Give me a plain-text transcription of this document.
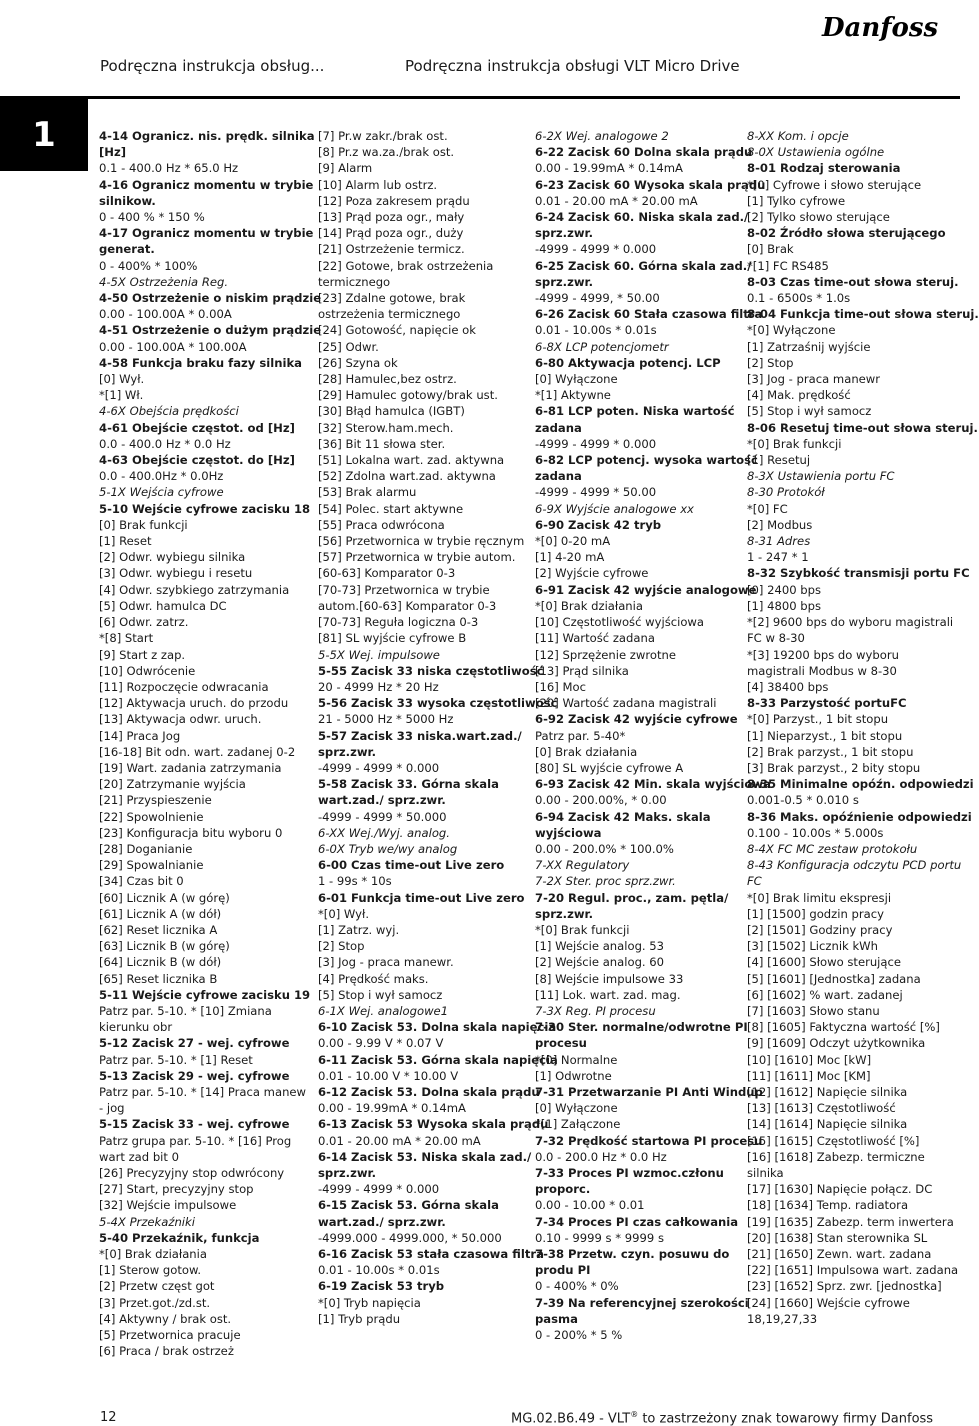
Podręczna instrukcja obsług...	Podręczna instrukcja obsługi VLT Micro Drive
Danfoss
1	4-14 Ogranicz. nis. prędk. silnika
[Hz]
0.1 - 400.0 Hz * 65.0 Hz
4-16 Ogranicz momentu w trybie
silnikow.
0 - 400 % * 150 %
4-17 Ogranicz momentu w trybie
generat.
0 - 400% * 100%
4-5X Ostrzeżenia Reg.
4-50 Ostrzeżenie o niskim prądzie
0.00 - 100.00A * 0.00A
4-51 Ostrzeżenie o dużym prądzie
0.00 - 100.00A * 100.00A
4-58 Funkcja braku fazy silnika
[0] Wył.
*[1] Wł.
4-6X Obejścia prędkości
4-61 Obejście częstot. od [Hz]
0.0 - 400.0 Hz * 0.0 Hz
4-63 Obejście częstot. do [Hz]
0.0 - 400.0Hz * 0.0Hz
5-1X Wejścia cyfrowe
5-10 Wejście cyfrowe zacisku 18
[0] Brak funkcji
[1] Reset
[2] Odwr. wybiegu silnika
[3] Odwr. wybiegu i resetu
[4] Odwr. szybkiego zatrzymania
[5] Odwr. hamulca DC
[6] Odwr. zatrz.
*[8] Start
[9] Start z zap.
[10] Odwrócenie
[11] Rozpoczęcie odwracania
[12] Aktywacja uruch. do przodu
[13] Aktywacja odwr. uruch.
[14] Praca Jog
[16-18] Bit odn. wart. zadanej 0-2
[19] Wart. zadania zatrzymania
[20] Zatrzymanie wyjścia
[21] Przyspieszenie
[22] Spowolnienie
[23] Konfiguracja bitu wyboru 0
[28] Doganianie
[29] Spowalnianie
[34] Czas bit 0
[60] Licznik A (w górę)
[61] Licznik A (w dół)
[62] Reset licznika A
[63] Licznik B (w górę)
[64] Licznik B (w dół)
[65] Reset licznika B
5-11 Wejście cyfrowe zacisku 19
Patrz par. 5-10. * [10] Zmiana
kierunku obr
5-12 Zacisk 27 - wej. cyfrowe
Patrz par. 5-10. * [1] Reset
5-13 Zacisk 29 - wej. cyfrowe
Patrz par. 5-10. * [14] Praca manew
- jog
5-15 Zacisk 33 - wej. cyfrowe
Patrz grupa par. 5-10. * [16] Prog
wart zad bit 0
[26] Precyzyjny stop odwrócony
[27] Start, precyzyjny stop
[32] Wejście impulsowe
5-4X Przekaźniki
5-40 Przekaźnik, funkcja
*[0] Brak działania
[1] Sterow gotow.
[2] Przetw częst got
[3] Przet.got./zd.st.
[4] Aktywny / brak ost.
[5] Przetwornica pracuje
[6] Praca / brak ostrzeż
[7] Pr.w zakr./brak ost.
[8] Pr.z wa.za./brak ost.
[9] Alarm
[10] Alarm lub ostrz.
[12] Poza zakresem prądu
[13] Prąd poza ogr., mały
[14] Prąd poza ogr., duży
[21] Ostrzeżenie termicz.
[22] Gotowe, brak ostrzeżenia
termicznego
[23] Zdalne gotowe, brak
ostrzeżenia termicznego
[24] Gotowość, napięcie ok
[25] Odwr.
[26] Szyna ok
[28] Hamulec,bez ostrz.
[29] Hamulec gotowy/brak ust.
[30] Błąd hamulca (IGBT)
[32] Sterow.ham.mech.
[36] Bit 11 słowa ster.
[51] Lokalna wart. zad. aktywna
[52] Zdolna wart.zad. aktywna
[53] Brak alarmu
[54] Polec. start aktywne
[55] Praca odwrócona
[56] Przetwornica w trybie ręcznym
[57] Przetwornica w trybie autom.
[60-63] Komparator 0-3
[70-73] Przetwornica w trybie
autom.[60-63] Komparator 0-3
[70-73] Reguła logiczna 0-3
[81] SL wyjście cyfrowe B
5-5X Wej. impulsowe
5-55 Zacisk 33 niska częstotliwość
20 - 4999 Hz * 20 Hz
5-56 Zacisk 33 wysoka częstotliwość
21 - 5000 Hz * 5000 Hz
5-57 Zacisk 33 niska.wart.zad./
sprz.zwr.
-4999 - 4999 * 0.000
5-58 Zacisk 33. Górna skala
wart.zad./ sprz.zwr.
-4999 - 4999 * 50.000
6-XX Wej./Wyj. analog.
6-0X Tryb we/wy analog
6-00 Czas time-out Live zero
1 - 99s * 10s
6-01 Funkcja time-out Live zero
*[0] Wył.
[1] Zatrz. wyj.
[2] Stop
[3] Jog - praca manewr.
[4] Prędkość maks.
[5] Stop i wył samocz
6-1X Wej. analogowe1
6-10 Zacisk 53. Dolna skala napięcia
0.00 - 9.99 V * 0.07 V
6-11 Zacisk 53. Górna skala napięcia
0.01 - 10.00 V * 10.00 V
6-12 Zacisk 53. Dolna skala prądu
0.00 - 19.99mA * 0.14mA
6-13 Zacisk 53 Wysoka skala prądu
0.01 - 20.00 mA * 20.00 mA
6-14 Zacisk 53. Niska skala zad./
sprz.zwr.
-4999 - 4999 * 0.000
6-15 Zacisk 53. Górna skala
wart.zad./ sprz.zwr.
-4999.000 - 4999.000, * 50.000
6-16 Zacisk 53 stała czasowa filtra
0.01 - 10.00s * 0.01s
6-19 Zacisk 53 tryb
*[0] Tryb napięcia
[1] Tryb prądu
6-2X Wej. analogowe 2
6-22 Zacisk 60 Dolna skala prądu
0.00 - 19.99mA * 0.14mA
6-23 Zacisk 60 Wysoka skala prądu
0.01 - 20.00 mA * 20.00 mA
6-24 Zacisk 60. Niska skala zad./
sprz.zwr.
-4999 - 4999 * 0.000
6-25 Zacisk 60. Górna skala zad./
sprz.zwr.
-4999 - 4999, * 50.00
6-26 Zacisk 60 Stała czasowa filtra
0.01 - 10.00s * 0.01s
6-8X LCP potencjometr
6-80 Aktywacja potencj. LCP
[0] Wyłączone
*[1] Aktywne
6-81 LCP poten. Niska wartość
zadana
-4999 - 4999 * 0.000
6-82 LCP potencj. wysoka wartość
zadana
-4999 - 4999 * 50.00
6-9X Wyjście analogowe xx
6-90 Zacisk 42 tryb
*[0] 0-20 mA
[1] 4-20 mA
[2] Wyjście cyfrowe
6-91 Zacisk 42 wyjście analogowe
*[0] Brak działania
[10] Częstotliwość wyjściowa
[11] Wartość zadana
[12] Sprzężenie zwrotne
[13] Prąd silnika
[16] Moc
[20] Wartość zadana magistrali
6-92 Zacisk 42 wyjście cyfrowe
Patrz par. 5-40*
[0] Brak działania
[80] SL wyjście cyfrowe A
6-93 Zacisk 42 Min. skala wyjściowa
0.00 - 200.00%, * 0.00
6-94 Zacisk 42 Maks. skala
wyjściowa
0.00 - 200.0% * 100.0%
7-XX Regulatory
7-2X Ster. proc sprz.zwr.
7-20 Regul. proc., zam. pętla/
sprz.zwr.
*[0] Brak funkcji
[1] Wejście analog. 53
[2] Wejście analog. 60
[8] Wejście impulsowe 33
[11] Lok. wart. zad. mag.
7-3X Reg. PI procesu
7-30 Ster. normalne/odwrotne PI
procesu
*[0] Normalne
[1] Odwrotne
7-31 Przetwarzanie PI Anti Windup
[0] Wyłączone
*[1] Załączone
7-32 Prędkość startowa PI procesu
0.0 - 200.0 Hz * 0.0 Hz
7-33 Proces PI wzmoc.członu
proporc.
0.00 - 10.00 * 0.01
7-34 Proces PI czas całkowania
0.10 - 9999 s * 9999 s
7-38 Przetw. czyn. posuwu do
produ PI
0 - 400% * 0%
7-39 Na referencyjnej szerokości
pasma
0 - 200% * 5 %
8-XX Kom. i opcje
8-0X Ustawienia ogólne
8-01 Rodzaj sterowania
*[0] Cyfrowe i słowo sterujące
[1] Tylko cyfrowe
[2] Tylko słowo sterujące
8-02 Źródło słowa sterującego
[0] Brak
*[1] FC RS485
8-03 Czas time-out słowa steruj.
0.1 - 6500s * 1.0s
8-04 Funkcja time-out słowa steruj.
*[0] Wyłączone
[1] Zatrzaśnij wyjście
[2] Stop
[3] Jog - praca manewr
[4] Mak. prędkość
[5] Stop i wył samocz
8-06 Resetuj time-out słowa steruj.
*[0] Brak funkcji
[1] Resetuj
8-3X Ustawienia portu FC
8-30 Protokół
*[0] FC
[2] Modbus
8-31 Adres
1 - 247 * 1
8-32 Szybkość transmisji portu FC
[0] 2400 bps
[1] 4800 bps
*[2] 9600 bps do wyboru magistrali
FC w 8-30
*[3] 19200 bps do wyboru
magistrali Modbus w 8-30
[4] 38400 bps
8-33 Parzystość portuFC
*[0] Parzyst., 1 bit stopu
[1] Nieparzyst., 1 bit stopu
[2] Brak parzyst., 1 bit stopu
[3] Brak parzyst., 2 bity stopu
8-35 Minimalne opóźn. odpowiedzi
0.001-0.5 * 0.010 s
8-36 Maks. opóźnienie odpowiedzi
0.100 - 10.00s * 5.000s
8-4X FC MC zestaw protokołu
8-43 Konfiguracja odczytu PCD portu
FC
*[0] Brak limitu ekspresji
[1] [1500] godzin pracy
[2] [1501] Godziny pracy
[3] [1502] Licznik kWh
[4] [1600] Słowo sterujące
[5] [1601] [Jednostka] zadana
[6] [1602] % wart. zadanej
[7] [1603] Słowo stanu
[8] [1605] Faktyczna wartość [%]
[9] [1609] Odczyt użytkownika
[10] [1610] Moc [kW]
[11] [1611] Moc [KM]
[12] [1612] Napięcie silnika
[13] [1613] Częstotliwość
[14] [1614] Napięcie silnika
[15] [1615] Częstotliwość [%]
[16] [1618] Zabezp. termiczne
silnika
[17] [1630] Napięcie połącz. DC
[18] [1634] Temp. radiatora
[19] [1635] Zabezp. term inwertera
[20] [1638] Stan sterownika SL
[21] [1650] Zewn. wart. zadana
[22] [1651] Impulsowa wart. zadana
[23] [1652] Sprz. zwr. [jednostka]
[24] [1660] Wejście cyfrowe
18,19,27,33
12	MG.02.B6.49 - VLT® to zastrzeżony znak towarowy firmy Danfoss
